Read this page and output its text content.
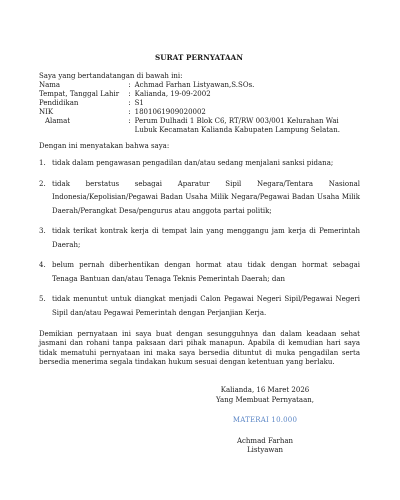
SURAT PERNYATAAN
Saya yang bertandatangan di bawah ini:
Nama	:	Achmad Farhan Listyawan,S.SOs.
Tempat, Tanggal Lahir	:	Kalianda, 19-09-2002
Pendidikan	:	S1
NIK	:	1801061909020002
Alamat	:	Perum Dulhadi 1 Blok C6, RT/RW 003/001 Kelurahan Wai Lubuk Kecamatan Kalianda Kabupaten Lampung Selatan.
Dengan ini menyatakan bahwa saya:
1. tidak dalam pengawasan pengadilan dan/atau sedang menjalani sanksi pidana;
2. tidak berstatus sebagai Aparatur Sipil Negara/Tentara Nasional Indonesia/Kepolisian/Pegawai Badan Usaha Milik Negara/Pegawai Badan Usaha Milik Daerah/Perangkat Desa/pengurus atau anggota partai politik;
3. tidak terikat kontrak kerja di tempat lain yang menggangu jam kerja di Pemerintah Daerah;
4. belum pernah diberhentikan dengan hormat atau tidak dengan hormat sebagai Tenaga Bantuan dan/atau Tenaga Teknis Pemerintah Daerah; dan
5. tidak menuntut untuk diangkat menjadi Calon Pegawai Negeri Sipil/Pegawai Negeri Sipil dan/atau Pegawai Pemerintah dengan Perjanjian Kerja.
Demikian pernyataan ini saya buat dengan sesungguhnya dan dalam keadaan sehat jasmani dan rohani tanpa paksaan dari pihak manapun. Apabila di kemudian hari saya tidak mematuhi pernyataan ini maka saya bersedia dituntut di muka pengadilan serta bersedia menerima segala tindakan hukum sesuai dengan ketentuan yang berlaku.
Kalianda, 16 Maret 2026
Yang Membuat Pernyataan,
MATERAI 10.000
Achmad Farhan
Listyawan
